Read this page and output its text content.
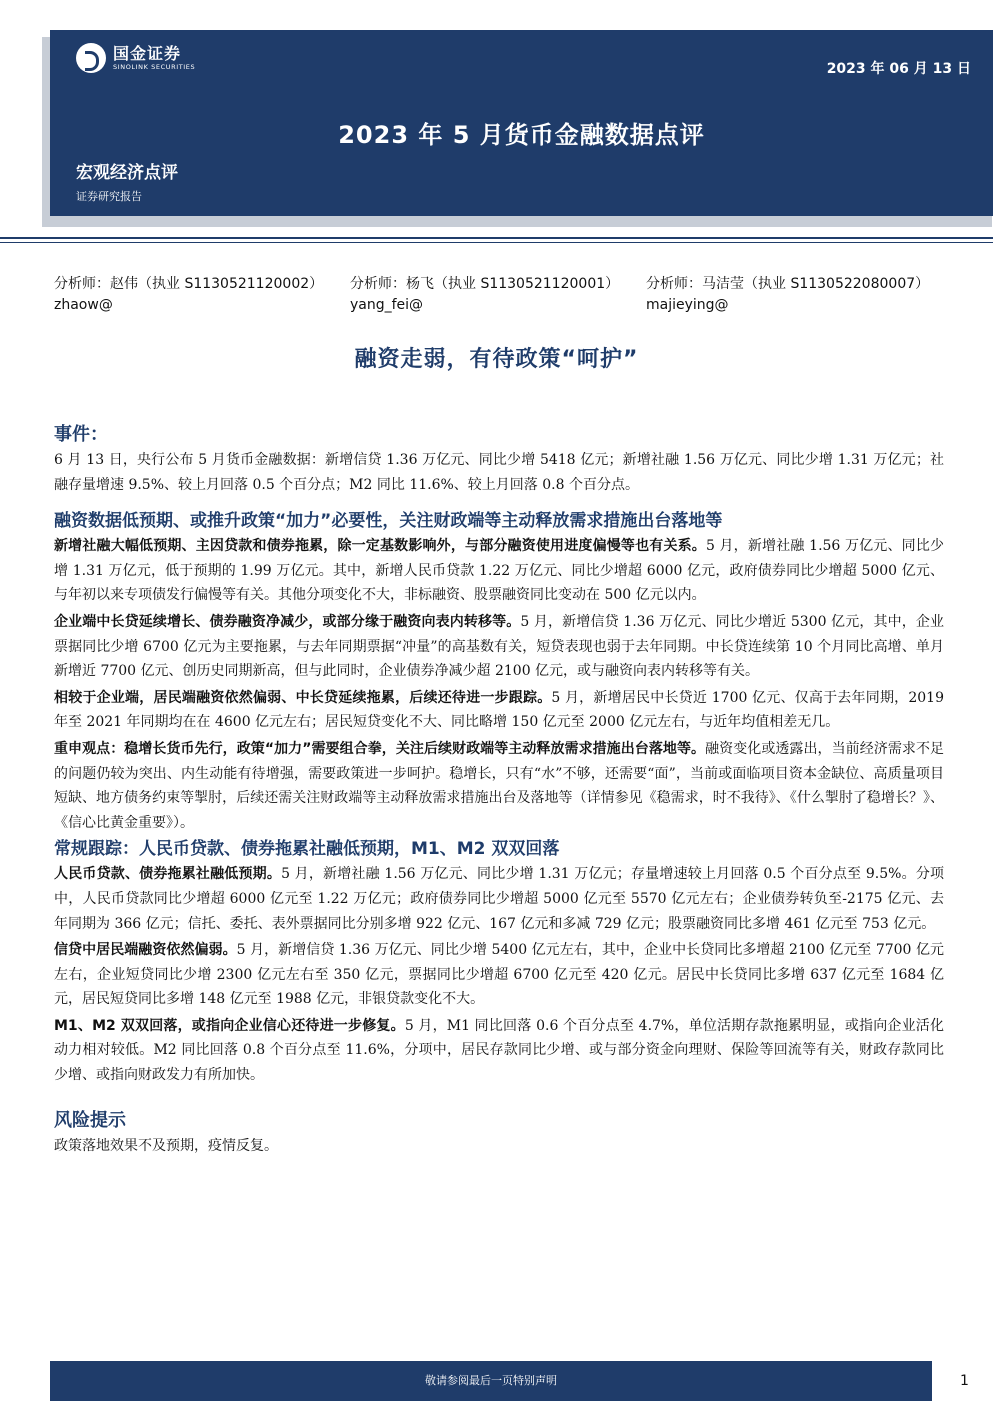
国金证券
SINOLINK SECURITIES	2023 年 06 月 13 日
2023 年 5 月货币金融数据点评
宏观经济点评
证券研究报告
分析师：赵伟（执业 S1130521120002）
zhaow@
分析师：杨飞（执业 S1130521120001）
yang_fei@
分析师：马洁莹（执业 S1130522080007）
majieying@
融资走弱，有待政策“呵护”
事件：

6 月 13 日，央行公布 5 月货币金融数据：新增信贷 1.36 万亿元、同比少增 5418 亿元；新增社融 1.56 万亿元、同比少增 1.31 万亿元；社融存量增速 9.5%、较上月回落 0.5 个百分点；M2 同比 11.6%、较上月回落 0.8 个百分点。

融资数据低预期、或推升政策“加力”必要性，关注财政端等主动释放需求措施出台落地等

新增社融大幅低预期、主因贷款和债券拖累，除一定基数影响外，与部分融资使用进度偏慢等也有关系。5 月，新增社融 1.56 万亿元、同比少增 1.31 万亿元，低于预期的 1.99 万亿元。其中，新增人民币贷款 1.22 万亿元、同比少增超 6000 亿元，政府债券同比少增超 5000 亿元、与年初以来专项债发行偏慢等有关。其他分项变化不大，非标融资、股票融资同比变动在 500 亿元以内。

企业端中长贷延续增长、债券融资净减少，或部分缘于融资向表内转移等。5 月，新增信贷 1.36 万亿元、同比少增近 5300 亿元，其中，企业票据同比少增 6700 亿元为主要拖累，与去年同期票据“冲量”的高基数有关，短贷表现也弱于去年同期。中长贷连续第 10 个月同比高增、单月新增近 7700 亿元、创历史同期新高，但与此同时，企业债券净减少超 2100 亿元，或与融资向表内转移等有关。

相较于企业端，居民端融资依然偏弱、中长贷延续拖累，后续还待进一步跟踪。5 月，新增居民中长贷近 1700 亿元、仅高于去年同期，2019 年至 2021 年同期均在在 4600 亿元左右；居民短贷变化不大、同比略增 150 亿元至 2000 亿元左右，与近年均值相差无几。

重申观点：稳增长货币先行，政策“加力”需要组合拳，关注后续财政端等主动释放需求措施出台落地等。融资变化或透露出，当前经济需求不足的问题仍较为突出、内生动能有待增强，需要政策进一步呵护。稳增长，只有“水”不够，还需要“面”，当前或面临项目资本金缺位、高质量项目短缺、地方债务约束等掣肘，后续还需关注财政端等主动释放需求措施出台及落地等（详情参见《稳需求，时不我待》、《什么掣肘了稳增长？》、《信心比黄金重要》）。

常规跟踪：人民币贷款、债券拖累社融低预期，M1、M2 双双回落

人民币贷款、债券拖累社融低预期。5 月，新增社融 1.56 万亿元、同比少增 1.31 万亿元；存量增速较上月回落 0.5 个百分点至 9.5%。分项中，人民币贷款同比少增超 6000 亿元至 1.22 万亿元；政府债券同比少增超 5000 亿元至 5570 亿元左右；企业债券转负至-2175 亿元、去年同期为 366 亿元；信托、委托、表外票据同比分别多增 922 亿元、167 亿元和多减 729 亿元；股票融资同比多增 461 亿元至 753 亿元。

信贷中居民端融资依然偏弱。5 月，新增信贷 1.36 万亿元、同比少增 5400 亿元左右，其中，企业中长贷同比多增超 2100 亿元至 7700 亿元左右，企业短贷同比少增 2300 亿元左右至 350 亿元，票据同比少增超 6700 亿元至 420 亿元。居民中长贷同比多增 637 亿元至 1684 亿元，居民短贷同比多增 148 亿元至 1988 亿元，非银贷款变化不大。

M1、M2 双双回落，或指向企业信心还待进一步修复。5 月，M1 同比回落 0.6 个百分点至 4.7%，单位活期存款拖累明显，或指向企业活化动力相对较低。M2 同比回落 0.8 个百分点至 11.6%，分项中，居民存款同比少增、或与部分资金向理财、保险等回流等有关，财政存款同比少增、或指向财政发力有所加快。

风险提示

政策落地效果不及预期，疫情反复。

敬请参阅最后一页特别声明	1
